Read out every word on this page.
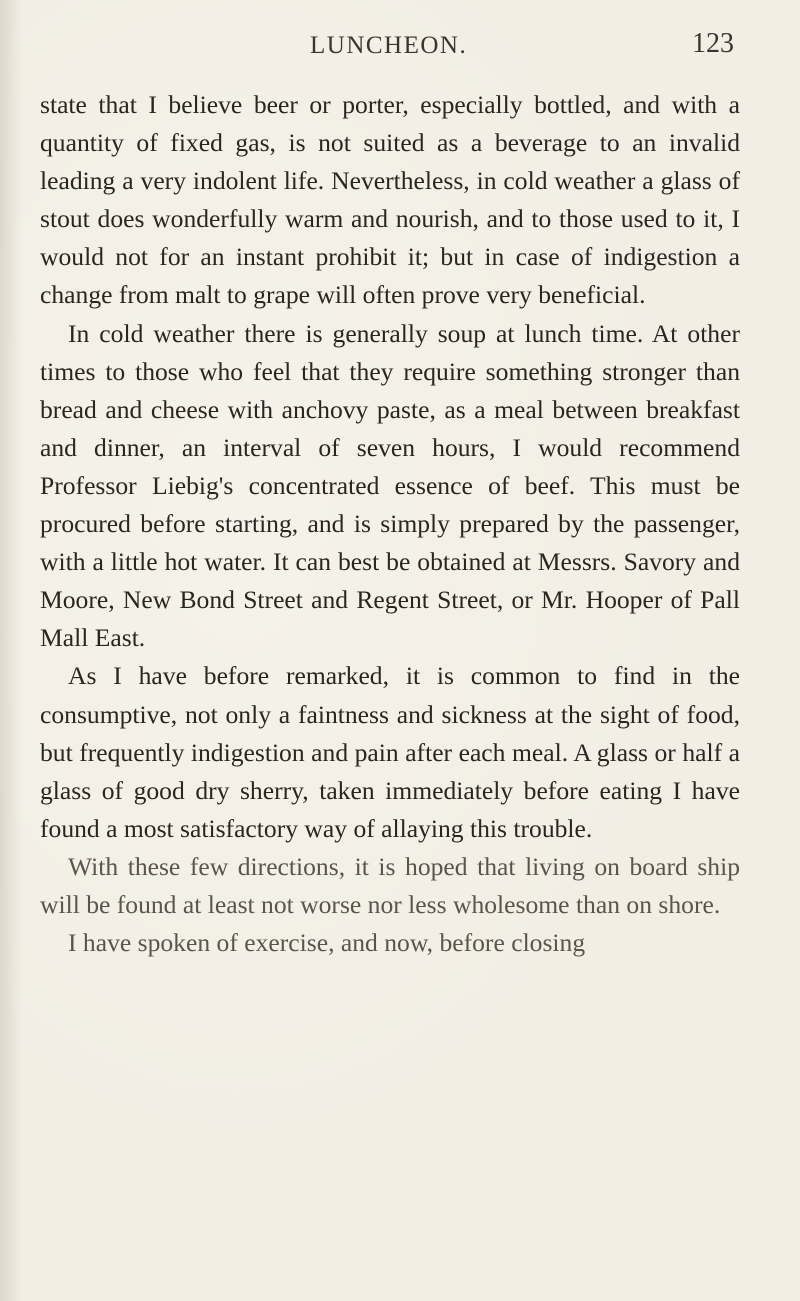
LUNCHEON.	123

state that I believe beer or porter, especially bottled, and with a quantity of fixed gas, is not suited as a beverage to an invalid leading a very indolent life. Nevertheless, in cold weather a glass of stout does wonderfully warm and nourish, and to those used to it, I would not for an instant prohibit it; but in case of indigestion a change from malt to grape will often prove very beneficial.

In cold weather there is generally soup at lunch time. At other times to those who feel that they require something stronger than bread and cheese with anchovy paste, as a meal between breakfast and dinner, an interval of seven hours, I would recommend Professor Liebig's concentrated essence of beef. This must be procured before starting, and is simply prepared by the passenger, with a little hot water. It can best be obtained at Messrs. Savory and Moore, New Bond Street and Regent Street, or Mr. Hooper of Pall Mall East.

As I have before remarked, it is common to find in the consumptive, not only a faintness and sickness at the sight of food, but frequently indigestion and pain after each meal. A glass or half a glass of good dry sherry, taken immediately before eating I have found a most satisfactory way of allaying this trouble.

With these few directions, it is hoped that living on board ship will be found at least not worse nor less wholesome than on shore.

I have spoken of exercise, and now, before closing
